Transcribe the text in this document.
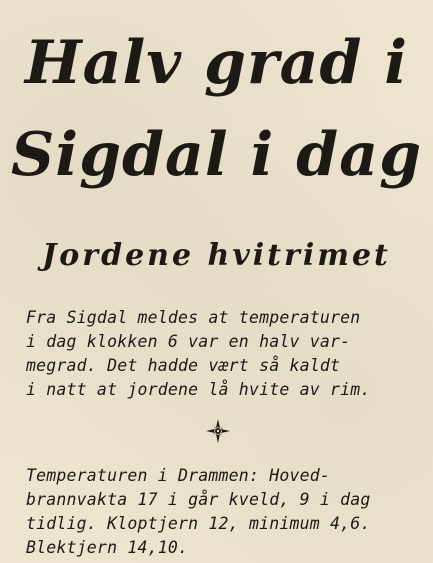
Halv grad i
Sigdal i dag
Jordene hvitrimet

Fra Sigdal meldes at temperaturen
i dag klokken 6 var en halv var-
megrad. Det hadde vært så kaldt
i natt at jordene lå hvite av rim.

Temperaturen i Drammen: Hoved-
brannvakta 17 i går kveld, 9 i dag
tidlig. Kloptjern 12, minimum 4,6.
Blektjern 14,10.
